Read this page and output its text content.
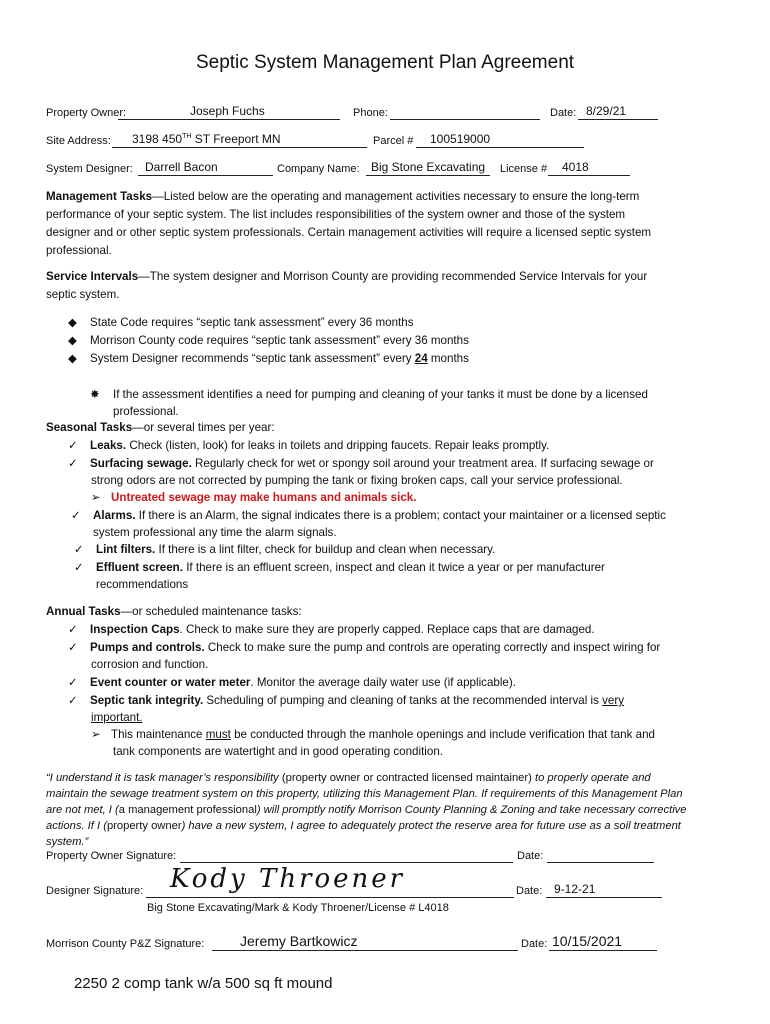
Septic System Management Plan Agreement
Property Owner:	Joseph Fuchs	Phone:	Date: 8/29/21
Site Address: 3198 450TH ST Freeport MN	Parcel # 100519000
System Designer: Darrell Bacon	Company Name: Big Stone Excavating License # 4018
Management Tasks—Listed below are the operating and management activities necessary to ensure the long-term
performance of your septic system. The list includes responsibilities of the system owner and those of the system
designer and or other septic system professionals. Certain management activities will require a licensed septic system
professional.
Service Intervals—The system designer and Morrison County are providing recommended Service Intervals for your
septic system.
◆ State Code requires “septic tank assessment” every 36 months
◆ Morrison County code requires “septic tank assessment” every 36 months
◆ System Designer recommends “septic tank assessment” every 24 months
✸ If the assessment identifies a need for pumping and cleaning of your tanks it must be done by a licensed
professional.
Seasonal Tasks—or several times per year:
✓ Leaks. Check (listen, look) for leaks in toilets and dripping faucets. Repair leaks promptly.
✓ Surfacing sewage. Regularly check for wet or spongy soil around your treatment area. If surfacing sewage or
strong odors are not corrected by pumping the tank or fixing broken caps, call your service professional.
➢ Untreated sewage may make humans and animals sick.
✓ Alarms. If there is an Alarm, the signal indicates there is a problem; contact your maintainer or a licensed septic
system professional any time the alarm signals.
✓ Lint filters. If there is a lint filter, check for buildup and clean when necessary.
✓ Effluent screen. If there is an effluent screen, inspect and clean it twice a year or per manufacturer
recommendations
Annual Tasks—or scheduled maintenance tasks:
✓ Inspection Caps. Check to make sure they are properly capped. Replace caps that are damaged.
✓ Pumps and controls. Check to make sure the pump and controls are operating correctly and inspect wiring for
corrosion and function.
✓ Event counter or water meter. Monitor the average daily water use (if applicable).
✓ Septic tank integrity. Scheduling of pumping and cleaning of tanks at the recommended interval is very
important.
➢ This maintenance must be conducted through the manhole openings and include verification that tank and
tank components are watertight and in good operating condition.
“I understand it is task manager’s responsibility (property owner or contracted licensed maintainer) to properly operate and
maintain the sewage treatment system on this property, utilizing this Management Plan. If requirements of this Management Plan
are not met, I (a management professional) will promptly notify Morrison County Planning & Zoning and take necessary corrective
actions. If I (property owner) have a new system, I agree to adequately protect the reserve area for future use as a soil treatment
system.”
Property Owner Signature:	Date:
Designer Signature: Kody Throener	Date: 9-12-21
Big Stone Excavating/Mark & Kody Throener/License # L4018
Morrison County P&Z Signature:	Jeremy Bartkowicz	Date: 10/15/2021
2250 2 comp tank w/a 500 sq ft mound
